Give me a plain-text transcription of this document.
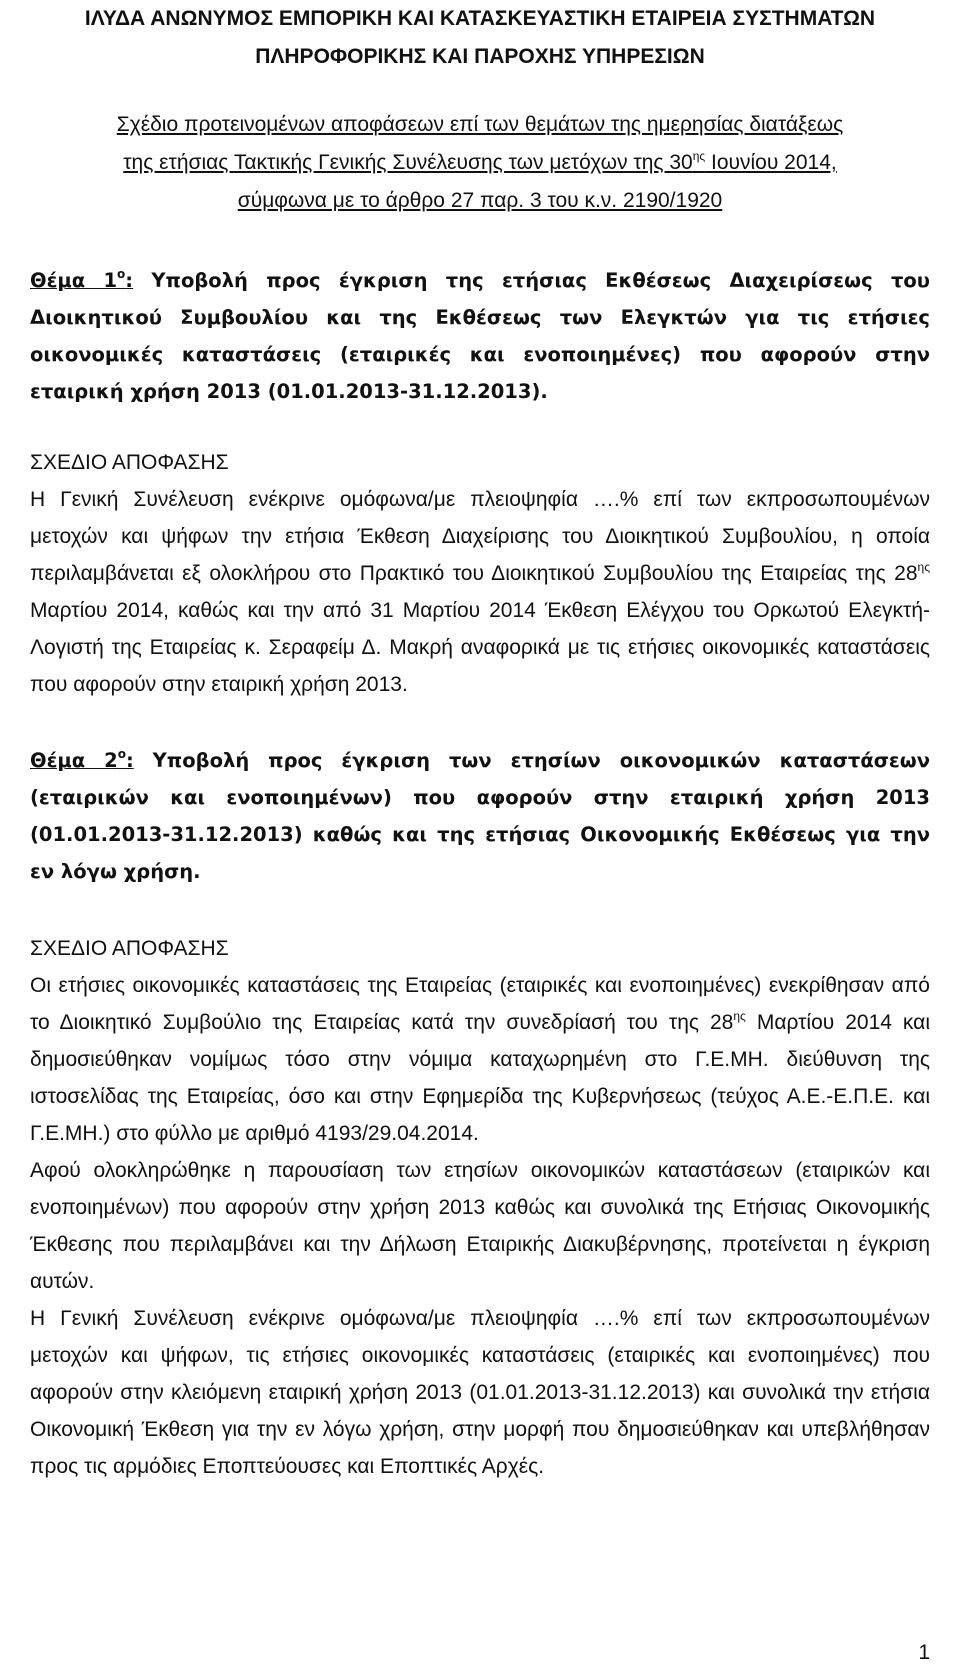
ΙΛΥΔΑ ΑΝΩΝΥΜΟΣ ΕΜΠΟΡΙΚΗ ΚΑΙ ΚΑΤΑΣΚΕΥΑΣΤΙΚΗ ΕΤΑΙΡΕΙΑ ΣΥΣΤΗΜΑΤΩΝ
ΠΛΗΡΟΦΟΡΙΚΗΣ ΚΑΙ ΠΑΡΟΧΗΣ ΥΠΗΡΕΣΙΩΝ
Σχέδιο προτεινομένων αποφάσεων επί των θεμάτων της ημερησίας διατάξεως
της ετήσιας Τακτικής Γενικής Συνέλευσης των μετόχων της $30^{\eta\varsigma}$ Ιουνίου 2014,
σύμφωνα με το άρθρο 27 παρ. 3 του κ.ν. 2190/1920
Θέμα $1^o$: Υποβολή προς έγκριση της ετήσιας Εκθέσεως Διαχειρίσεως του Διοικητικού Συμβουλίου και της Εκθέσεως των Ελεγκτών για τις ετήσιες οικονομικές καταστάσεις (εταιρικές και ενοποιημένες) που αφορούν στην εταιρική χρήση 2013 (01.01.2013-31.12.2013).
ΣΧΕΔΙΟ ΑΠΟΦΑΣΗΣ
Η Γενική Συνέλευση ενέκρινε ομόφωνα/με πλειοψηφία ….% επί των εκπροσωπουμένων μετοχών και ψήφων την ετήσια Έκθεση Διαχείρισης του Διοικητικού Συμβουλίου, η οποία περιλαμβάνεται εξ ολοκλήρου στο Πρακτικό του Διοικητικού Συμβουλίου της Εταιρείας της $28^{\eta\varsigma}$ Μαρτίου 2014, καθώς και την από 31 Μαρτίου 2014 Έκθεση Ελέγχου του Ορκωτού Ελεγκτή-Λογιστή της Εταιρείας κ. Σεραφείμ Δ. Μακρή αναφορικά με τις ετήσιες οικονομικές καταστάσεις που αφορούν στην εταιρική χρήση 2013.
Θέμα $2^o$: Υποβολή προς έγκριση των ετησίων οικονομικών καταστάσεων (εταιρικών και ενοποιημένων) που αφορούν στην εταιρική χρήση 2013 (01.01.2013-31.12.2013) καθώς και της ετήσιας Οικονομικής Εκθέσεως για την εν λόγω χρήση.
ΣΧΕΔΙΟ ΑΠΟΦΑΣΗΣ
Οι ετήσιες οικονομικές καταστάσεις της Εταιρείας (εταιρικές και ενοποιημένες) ενεκρίθησαν από το Διοικητικό Συμβούλιο της Εταιρείας κατά την συνεδρίασή του της $28^{\eta\varsigma}$ Μαρτίου 2014 και δημοσιεύθηκαν νομίμως τόσο στην νόμιμα καταχωρημένη στο Γ.Ε.ΜΗ. διεύθυνση της ιστοσελίδας της Εταιρείας, όσο και στην Εφημερίδα της Κυβερνήσεως (τεύχος Α.Ε.-Ε.Π.Ε. και Γ.Ε.ΜΗ.) στο φύλλο με αριθμό 4193/29.04.2014.
Αφού ολοκληρώθηκε η παρουσίαση των ετησίων οικονομικών καταστάσεων (εταιρικών και ενοποιημένων) που αφορούν στην χρήση 2013 καθώς και συνολικά της Ετήσιας Οικονομικής Έκθεσης που περιλαμβάνει και την Δήλωση Εταιρικής Διακυβέρνησης, προτείνεται η έγκριση αυτών.
Η Γενική Συνέλευση ενέκρινε ομόφωνα/με πλειοψηφία ….% επί των εκπροσωπουμένων μετοχών και ψήφων, τις ετήσιες οικονομικές καταστάσεις (εταιρικές και ενοποιημένες) που αφορούν στην κλειόμενη εταιρική χρήση 2013 (01.01.2013-31.12.2013) και συνολικά την ετήσια Οικονομική Έκθεση για την εν λόγω χρήση, στην μορφή που δημοσιεύθηκαν και υπεβλήθησαν προς τις αρμόδιες Εποπτεύουσες και Εποπτικές Αρχές.
1
